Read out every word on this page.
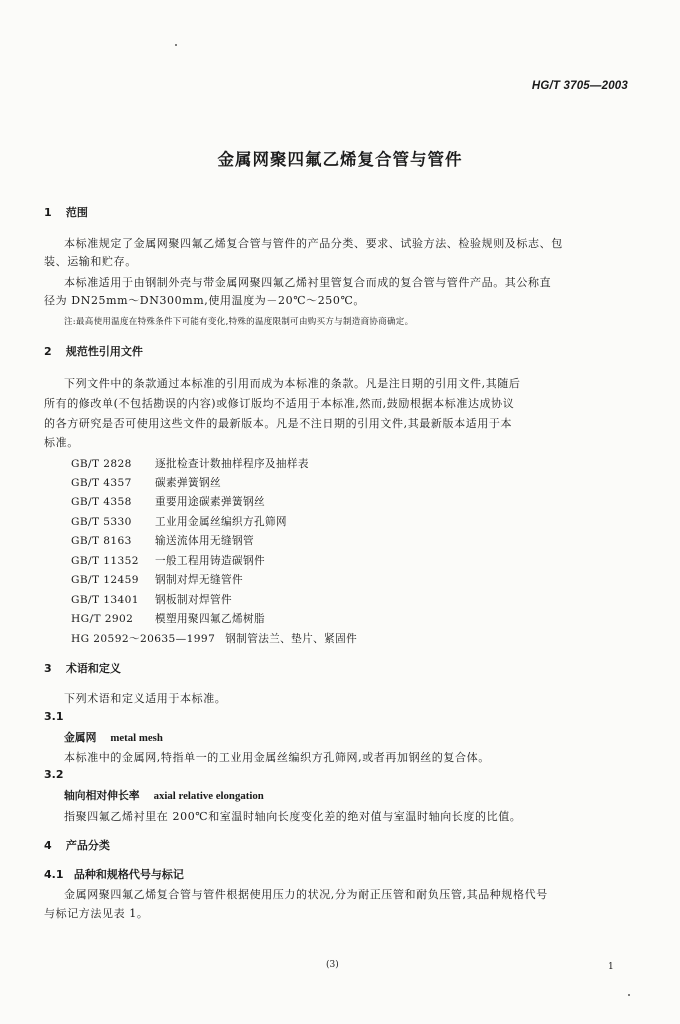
HG/T 3705—2003
金属网聚四氟乙烯复合管与管件
1 范围
本标准规定了金属网聚四氟乙烯复合管与管件的产品分类、要求、试验方法、检验规则及标志、包
装、运输和贮存。
本标准适用于由钢制外壳与带金属网聚四氟乙烯衬里管复合而成的复合管与管件产品。其公称直
径为 DN25mm～DN300mm,使用温度为－20℃～250℃。
注:最高使用温度在特殊条件下可能有变化,特殊的温度限制可由购买方与制造商协商确定。
2 规范性引用文件
下列文件中的条款通过本标准的引用而成为本标准的条款。凡是注日期的引用文件,其随后
所有的修改单(不包括勘误的内容)或修订版均不适用于本标准,然而,鼓励根据本标准达成协议
的各方研究是否可使用这些文件的最新版本。凡是不注日期的引用文件,其最新版本适用于本
标准。
GB/T 2828 逐批检查计数抽样程序及抽样表
GB/T 4357 碳素弹簧钢丝
GB/T 4358 重要用途碳素弹簧钢丝
GB/T 5330 工业用金属丝编织方孔筛网
GB/T 8163 输送流体用无缝钢管
GB/T 11352 一般工程用铸造碳钢件
GB/T 12459 钢制对焊无缝管件
GB/T 13401 钢板制对焊管件
HG/T 2902 模塑用聚四氟乙烯树脂
HG 20592～20635—1997 钢制管法兰、垫片、紧固件
3 术语和定义
下列术语和定义适用于本标准。
3.1
金属网 metal mesh
本标准中的金属网,特指单一的工业用金属丝编织方孔筛网,或者再加钢丝的复合体。
3.2
轴向相对伸长率 axial relative elongation
指聚四氟乙烯衬里在 200℃和室温时轴向长度变化差的绝对值与室温时轴向长度的比值。
4 产品分类
4.1 品种和规格代号与标记
金属网聚四氟乙烯复合管与管件根据使用压力的状况,分为耐正压管和耐负压管,其品种规格代号
与标记方法见表 1。
(3)	1
